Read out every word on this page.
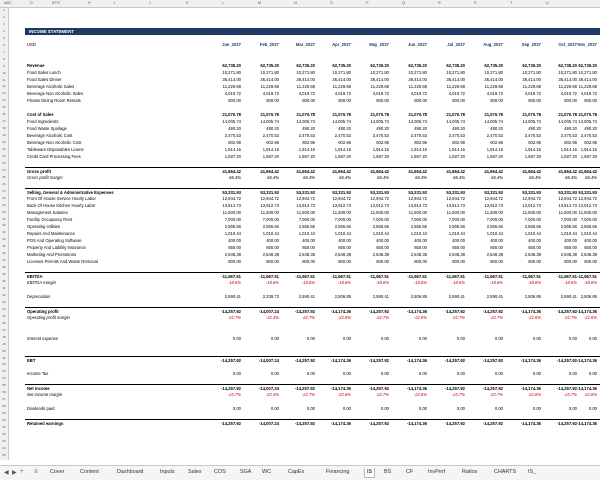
ABC	D	EFG	H	I	J	K	L	M	N	O	P	Q	R	S	T	U
1
2
3
4
5
6
7
8
9
10
11
12
13
14
15
16
17
18
19
20
21
22
23
24
25
26
27
28
29
30
31
32
33
34
35
36
37
38
39
40
41
42
43
44
45
46
47
48
49
50
51
52
53
54
55
56
57
58
59
60
61
62
63
64
65
INCOME STATEMENT
USD	Jan_2027	Feb_2027	Mar_2027	Apr_2027	May_2027	Jun_2027	Jul_2027	Aug_2027	Sep_2027	Oct_2027 Nov_2027
Revenue	62,735.20	62,735.20	62,735.20	62,735.20	62,735.20	62,735.20	62,735.20	62,735.20	62,735.20	62,735.20 62,735.20
Food Sales Lunch	10,271.80	10,271.80	10,271.80	10,271.80	10,271.80	10,271.80	10,271.80	10,271.80	10,271.80	10,271.80 10,271.80
Food Sales Dinner	36,414.00	36,414.00	36,414.00	36,414.00	36,414.00	36,414.00	36,414.00	36,414.00	36,414.00	36,414.00 36,414.00
Beverage Alcoholic Sales	11,229.68	11,229.68	11,229.68	11,229.68	11,229.68	11,229.68	11,229.68	11,229.68	11,229.68	11,229.68 11,229.68
Beverage Non Alcoholic Sales	4,019.72	4,019.72	4,019.72	4,019.72	4,019.72	4,019.72	4,019.72	4,019.72	4,019.72	4,019.72 4,019.72
Private Dining Room Rentals	800.00	800.00	800.00	800.00	800.00	800.00	800.00	800.00	800.00	800.00	800.00
Cost of Sales	21,070.78	21,070.78	21,070.78	21,070.78	21,070.78	21,070.78	21,070.78	21,070.78	21,070.78	21,070.78 21,070.78
Food Ingredients	14,005.74	14,005.74	14,005.74	14,005.74	14,005.74	14,005.74	14,005.74	14,005.74	14,005.74	14,005.74 14,005.74
Food Waste Spoilage	490.20	490.20	490.20	490.20	490.20	490.20	490.20	490.20	490.20	490.20	490.20
Beverage Alcoholic Cost	2,470.53	2,470.53	2,470.53	2,470.53	2,470.53	2,470.53	2,470.53	2,470.53	2,470.53	2,470.53 2,470.53
Beverage Non Alcoholic Cost	602.96	602.96	602.96	602.96	602.96	602.96	602.96	602.96	602.96	602.96	602.96
Tableware Disposables Linens	1,914.15	1,914.15	1,914.15	1,914.15	1,914.15	1,914.15	1,914.15	1,914.15	1,914.15	1,914.15 1,914.15
Credit Card Processing Fees	1,587.20	1,587.20	1,587.20	1,587.20	1,587.20	1,587.20	1,587.20	1,587.20	1,587.20	1,587.20 1,587.20
Gross profit	41,664.42	41,664.42	41,664.42	41,664.42	41,664.42	41,664.42	41,664.42	41,664.42	41,664.42	41,664.42 41,664.42
Gross profit margin	66.4%	66.4%	66.4%	66.4%	66.4%	66.4%	66.4%	66.4%	66.4%	66.4%	66.4%
Selling, General & Administrative Expenses	53,331.93	53,331.93	53,331.93	53,331.93	53,331.93	53,331.93	53,331.93	53,331.93	53,331.93	53,331.93 53,331.93
Front Of House Service Hourly Labor	12,944.72	12,944.72	12,944.72	12,944.72	12,944.72	12,944.72	12,944.72	12,944.72	12,944.72	12,944.72 12,944.72
Back Of House Kitchen Hourly Labor	13,912.73	13,912.73	13,912.73	13,912.73	13,912.73	13,912.73	13,912.73	13,912.73	13,912.73	13,912.73 13,912.73
Management Salaries	11,500.00	11,500.00	11,500.00	11,500.00	11,500.00	11,500.00	11,500.00	11,500.00	11,500.00	11,500.00 11,500.00
Facility Occupancy Rent	7,000.00	7,000.00	7,000.00	7,000.00	7,000.00	7,000.00	7,000.00	7,000.00	7,000.00	7,000.00 7,000.00
Operating Utilities	2,565.66	2,565.66	2,565.66	2,565.66	2,565.66	2,565.66	2,565.66	2,565.66	2,565.66	2,565.66 2,565.66
Repairs And Maintenance	1,010.44	1,010.44	1,010.44	1,010.44	1,010.44	1,010.44	1,010.44	1,010.44	1,010.44	1,010.44 1,010.44
POS And Operating Software	400.00	400.00	400.00	400.00	400.00	400.00	400.00	400.00	400.00	400.00	400.00
Property And Liability Insurance	650.00	650.00	650.00	650.00	650.00	650.00	650.00	650.00	650.00	650.00	650.00
Marketing And Promotions	2,548.38	2,548.38	2,548.38	2,548.38	2,548.38	2,548.38	2,548.38	2,548.38	2,548.38	2,548.38 2,548.38
Licenses Permits And Waste Removal	800.00	800.00	800.00	800.00	800.00	800.00	800.00	800.00	800.00	800.00	800.00
EBITDA	-11,667.51	-11,667.51	-11,667.51	-11,667.51	-11,667.51	-11,667.51	-11,667.51	-11,667.51	-11,667.51	-11,667.51 -11,667.51
EBITDA margin	-18.6%	-18.6%	-18.6%	-18.6%	-18.6%	-18.6%	-18.6%	-18.6%	-18.6%	-18.6%	-18.6%
Depreciation	2,590.41	2,339.73	2,590.41	2,506.85	2,590.41	2,506.85	2,590.41	2,590.41	2,506.85	2,590.41 2,506.85
Operating profit	-14,257.92	-14,007.24	-14,257.92	-14,174.36	-14,257.92	-14,174.36	-14,257.92	-14,257.92	-14,174.36	-14,257.92 -14,174.36
Operating profit margin	-22.7%	-22.3%	-22.7%	-22.6%	-22.7%	-22.6%	-22.7%	-22.7%	-22.6%	-22.7%	-22.6%
Interest expense	0.00	0.00	0.00	0.00	0.00	0.00	0.00	0.00	0.00	0.00	0.00
EBT	-14,257.92	-14,007.24	-14,257.92	-14,174.36	-14,257.92	-14,174.36	-14,257.92	-14,257.92	-14,174.36	-14,257.92 -14,174.36
Income Tax	0.00	0.00	0.00	0.00	0.00	0.00	0.00	0.00	0.00	0.00	0.00
Net income	-14,257.92	-14,007.24	-14,257.92	-14,174.36	-14,257.92	-14,174.36	-14,257.92	-14,257.92	-14,174.36	-14,257.92 -14,174.36
Net income margin	-22.7%	-22.3%	-22.7%	-22.6%	-22.7%	-22.6%	-22.7%	-22.7%	-22.6%	-22.7%	-22.6%
Dividends paid	0.00	0.00	0.00	0.00	0.00	0.00	0.00	0.00	0.00	0.00	0.00
Retained earnings	-14,257.92	-14,007.24	-14,257.92	-14,174.36	-14,257.92	-14,174.36	-14,257.92	-14,257.92	-14,174.36	-14,257.92 -14,174.36
◀ ▶ + ≡	Cover	Content	Dashboard	Inputs	Sales	COS	SGA	WC	CapEx	Financing	IS	BS	CF	InvPerf	Ratios	CHARTS	IS_
